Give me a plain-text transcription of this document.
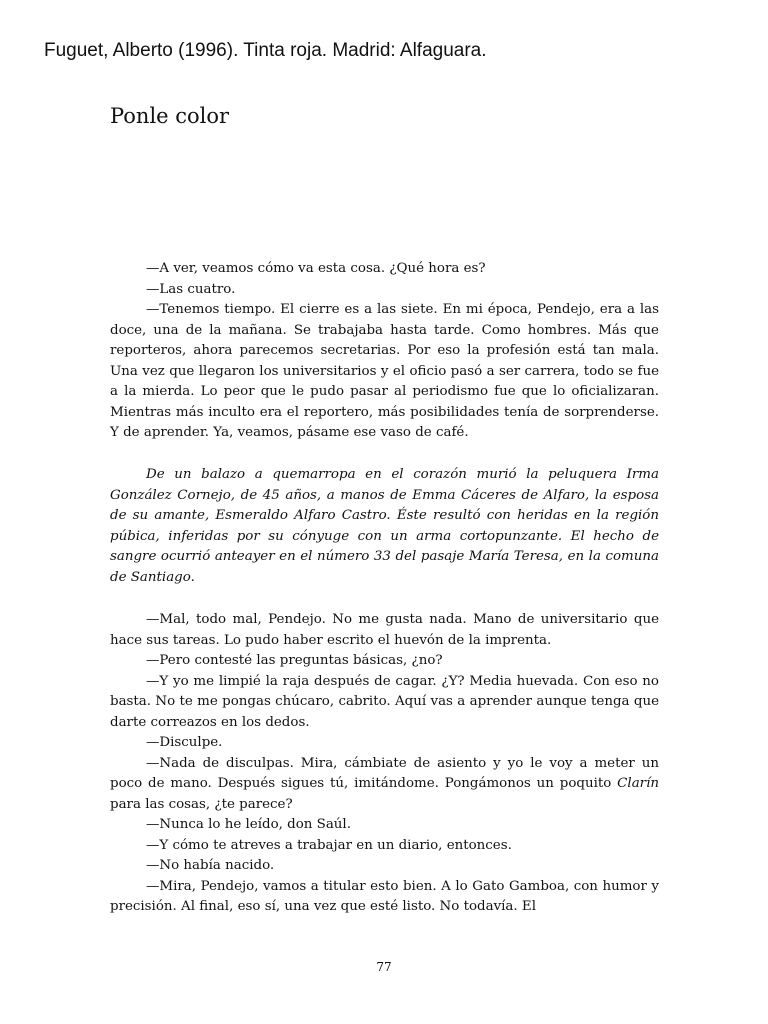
Fuguet, Alberto (1996). Tinta roja. Madrid: Alfaguara.
Ponle color

—A ver, veamos cómo va esta cosa. ¿Qué hora es?

—Las cuatro.

—Tenemos tiempo. El cierre es a las siete. En mi época, Pendejo, era a las doce, una de la mañana. Se trabajaba hasta tarde. Como hombres. Más que reporteros, ahora parecemos secretarias. Por eso la profesión está tan mala. Una vez que llegaron los universitarios y el oficio pasó a ser carrera, todo se fue a la mierda. Lo peor que le pudo pasar al periodismo fue que lo oficializaran. Mientras más inculto era el reportero, más posibilidades tenía de sorprenderse. Y de aprender. Ya, veamos, pásame ese vaso de café.

De un balazo a quemarropa en el corazón murió la peluquera Irma González Cornejo, de 45 años, a manos de Emma Cáceres de Alfaro, la esposa de su amante, Esmeraldo Alfaro Castro. Éste resultó con heridas en la región púbica, inferidas por su cónyuge con un arma cortopunzante. El hecho de sangre ocurrió anteayer en el número 33 del pasaje María Teresa, en la comuna de Santiago.

—Mal, todo mal, Pendejo. No me gusta nada. Mano de universitario que hace sus tareas. Lo pudo haber escrito el huevón de la imprenta.

—Pero contesté las preguntas básicas, ¿no?

—Y yo me limpié la raja después de cagar. ¿Y? Media huevada. Con eso no basta. No te me pongas chúcaro, cabrito. Aquí vas a aprender aunque tenga que darte correazos en los dedos.

—Disculpe.

—Nada de disculpas. Mira, cámbiate de asiento y yo le voy a meter un poco de mano. Después sigues tú, imitándome. Pongámonos un poquito Clarín para las cosas, ¿te parece?

—Nunca lo he leído, don Saúl.

—Y cómo te atreves a trabajar en un diario, entonces.

—No había nacido.

—Mira, Pendejo, vamos a titular esto bien. A lo Gato Gamboa, con humor y precisión. Al final, eso sí, una vez que esté listo. No todavía. El

77
